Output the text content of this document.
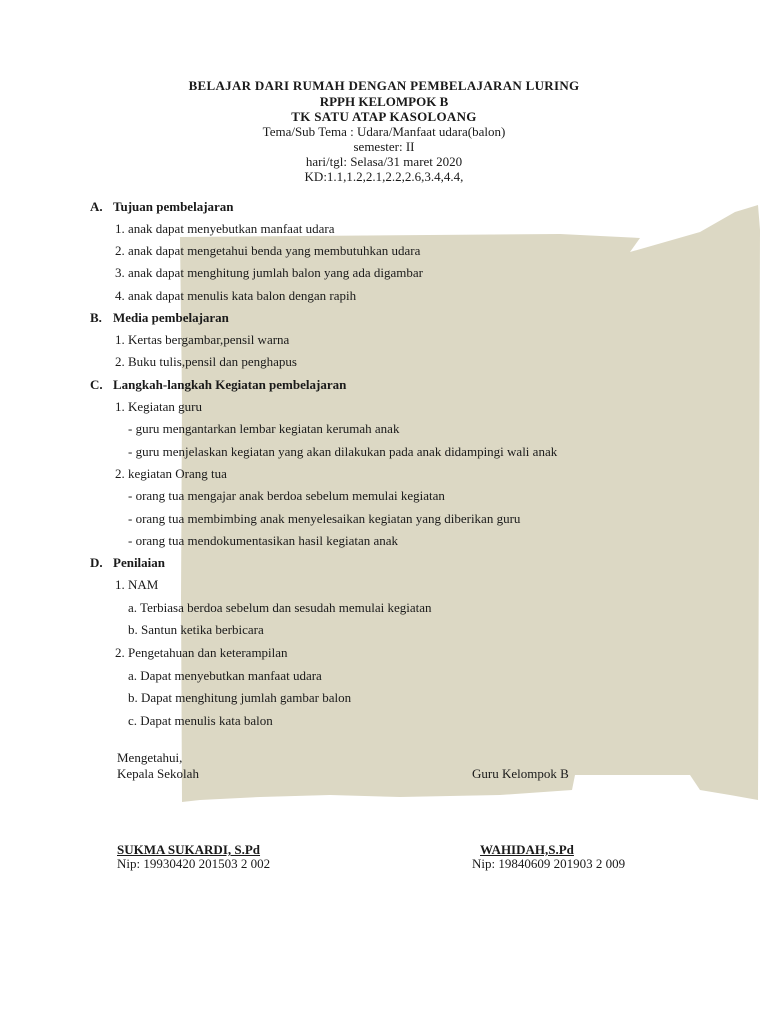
BELAJAR DARI RUMAH DENGAN PEMBELAJARAN LURING
RPPH KELOMPOK B
TK SATU ATAP KASOLOANG
Tema/Sub Tema : Udara/Manfaat udara(balon)
semester: II
hari/tgl: Selasa/31 maret 2020
KD:1.1,1.2,2.1,2.2,2.6,3.4,4.4,
A. Tujuan pembelajaran
1. anak dapat menyebutkan manfaat udara
2. anak dapat mengetahui benda yang membutuhkan udara
3. anak dapat menghitung jumlah balon yang ada digambar
4. anak dapat menulis kata balon dengan rapih
B. Media pembelajaran
1. Kertas bergambar,pensil warna
2. Buku tulis,pensil dan penghapus
C. Langkah-langkah Kegiatan pembelajaran
1. Kegiatan guru
- guru mengantarkan lembar kegiatan kerumah anak
- guru menjelaskan kegiatan yang akan dilakukan pada anak didampingi wali anak
2. kegiatan Orang tua
- orang tua mengajar anak berdoa sebelum memulai kegiatan
- orang tua membimbing anak menyelesaikan kegiatan yang diberikan guru
- orang tua mendokumentasikan hasil kegiatan anak
D. Penilaian
1. NAM
a. Terbiasa berdoa sebelum dan sesudah memulai kegiatan
b. Santun ketika berbicara
2. Pengetahuan dan keterampilan
a. Dapat menyebutkan manfaat udara
b. Dapat menghitung jumlah gambar balon
c. Dapat menulis kata balon
Mengetahui,
Kepala Sekolah	Guru Kelompok B
SUKMA SUKARDI, S.Pd
Nip: 19930420 201503 2 002
WAHIDAH,S.Pd
Nip: 19840609 201903 2 009
